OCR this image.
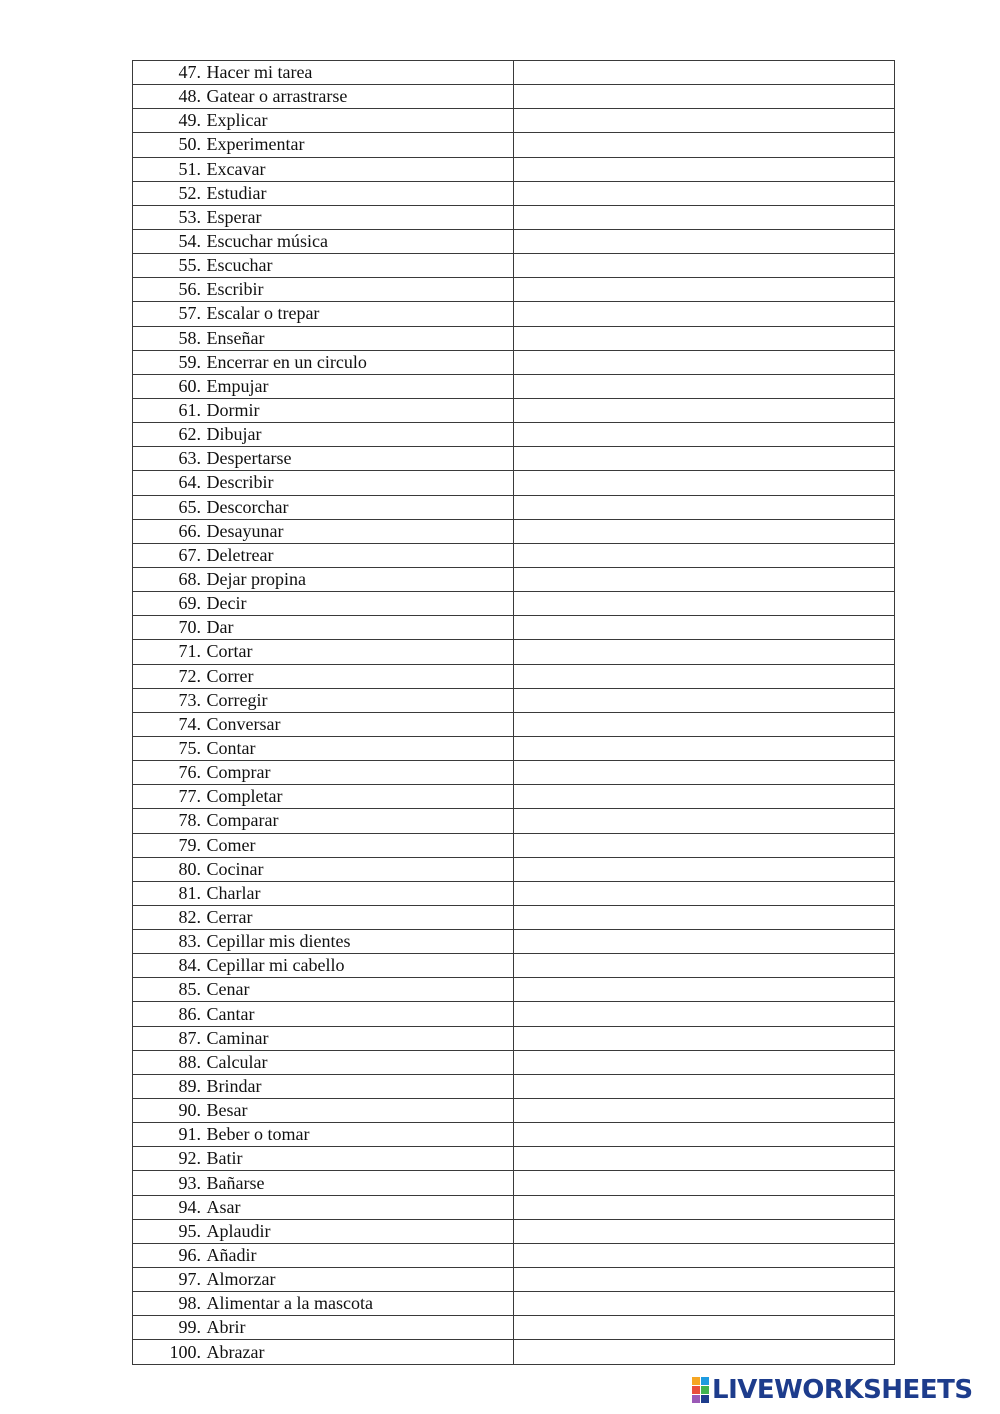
47. Hacer mi tarea	
48. Gatear o arrastrarse	
49. Explicar	
50. Experimentar	
51. Excavar	
52. Estudiar	
53. Esperar	
54. Escuchar música	
55. Escuchar	
56. Escribir	
57. Escalar o trepar	
58. Enseñar	
59. Encerrar en un circulo	
60. Empujar	
61. Dormir	
62. Dibujar	
63. Despertarse	
64. Describir	
65. Descorchar	
66. Desayunar	
67. Deletrear	
68. Dejar propina	
69. Decir	
70. Dar	
71. Cortar	
72. Correr	
73. Corregir	
74. Conversar	
75. Contar	
76. Comprar	
77. Completar	
78. Comparar	
79. Comer	
80. Cocinar	
81. Charlar	
82. Cerrar	
83. Cepillar mis dientes	
84. Cepillar mi cabello	
85. Cenar	
86. Cantar	
87. Caminar	
88. Calcular	
89. Brindar	
90. Besar	
91. Beber o tomar	
92. Batir	
93. Bañarse	
94. Asar	
95. Aplaudir	
96. Añadir	
97. Almorzar	
98. Alimentar a la mascota	
99. Abrir	
100. Abrazar	
LIVEWORKSHEETS
